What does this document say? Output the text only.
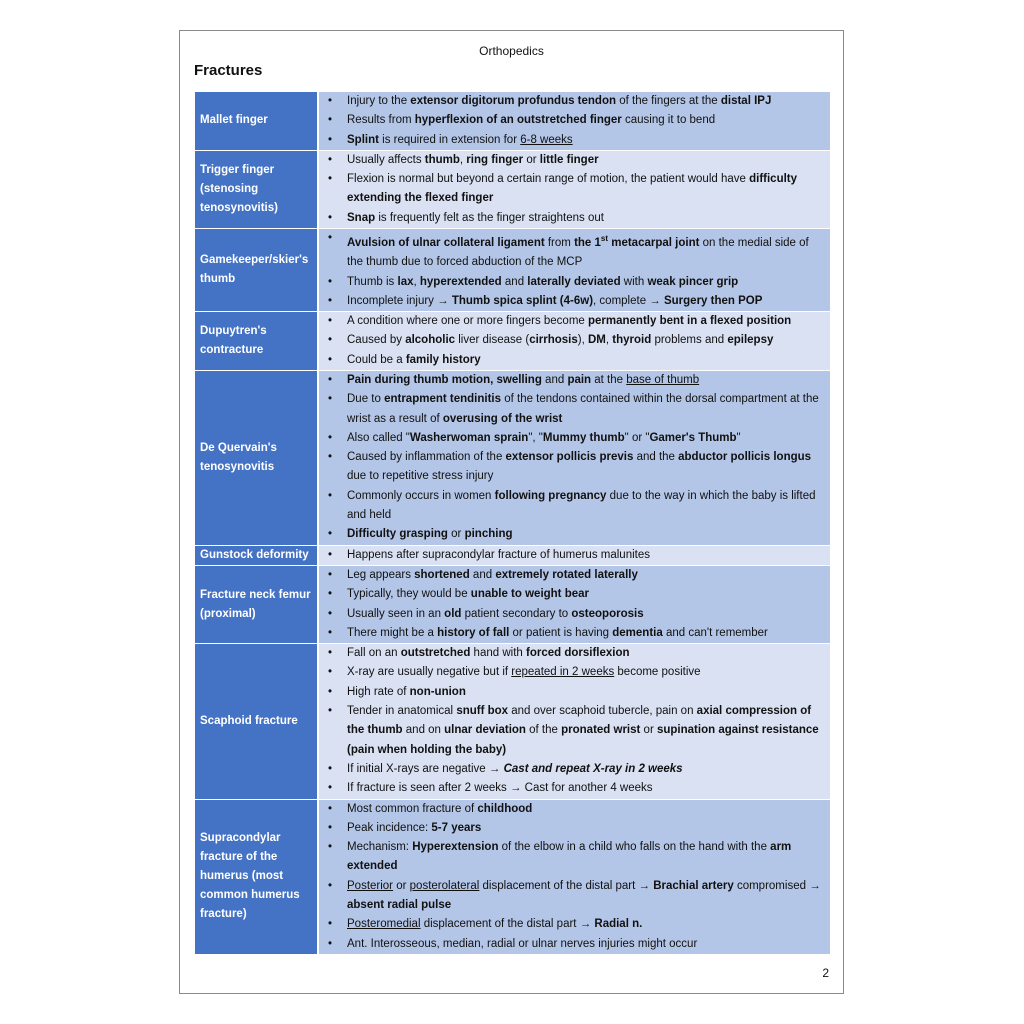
Orthopedics
Fractures
Mallet finger
• Injury to the extensor digitorum profundus tendon of the fingers at the distal IPJ
• Results from hyperflexion of an outstretched finger causing it to bend
• Splint is required in extension for 6-8 weeks
Trigger finger (stenosing tenosynovitis)
• Usually affects thumb, ring finger or little finger
• Flexion is normal but beyond a certain range of motion, the patient would have difficulty extending the flexed finger
• Snap is frequently felt as the finger straightens out
Gamekeeper/skier's thumb
• Avulsion of ulnar collateral ligament from the 1st metacarpal joint on the medial side of the thumb due to forced abduction of the MCP
• Thumb is lax, hyperextended and laterally deviated with weak pincer grip
• Incomplete injury → Thumb spica splint (4-6w), complete → Surgery then POP
Dupuytren's contracture
• A condition where one or more fingers become permanently bent in a flexed position
• Caused by alcoholic liver disease (cirrhosis), DM, thyroid problems and epilepsy
• Could be a family history
De Quervain's tenosynovitis
• Pain during thumb motion, swelling and pain at the base of thumb
• Due to entrapment tendinitis of the tendons contained within the dorsal compartment at the wrist as a result of overusing of the wrist
• Also called "Washerwoman sprain", "Mummy thumb" or "Gamer's Thumb"
• Caused by inflammation of the extensor pollicis previs and the abductor pollicis longus due to repetitive stress injury
• Commonly occurs in women following pregnancy due to the way in which the baby is lifted and held
• Difficulty grasping or pinching
Gunstock deformity
•	Happens after supracondylar fracture of humerus malunites
Fracture neck femur (proximal)
• Leg appears shortened and extremely rotated laterally
• Typically, they would be unable to weight bear
• Usually seen in an old patient secondary to osteoporosis
• There might be a history of fall or patient is having dementia and can't remember
Scaphoid fracture
• Fall on an outstretched hand with forced dorsiflexion
• X-ray are usually negative but if repeated in 2 weeks become positive
• High rate of non-union
• Tender in anatomical snuff box and over scaphoid tubercle, pain on axial compression of the thumb and on ulnar deviation of the pronated wrist or supination against resistance (pain when holding the baby)
• If initial X-rays are negative → Cast and repeat X-ray in 2 weeks
• If fracture is seen after 2 weeks → Cast for another 4 weeks
Supracondylar fracture of the humerus (most common humerus fracture)
• Most common fracture of childhood
• Peak incidence: 5-7 years
• Mechanism: Hyperextension of the elbow in a child who falls on the hand with the arm extended
• Posterior or posterolateral displacement of the distal part → Brachial artery compromised → absent radial pulse
• Posteromedial displacement of the distal part → Radial n.
• Ant. Interosseous, median, radial or ulnar nerves injuries might occur
2
